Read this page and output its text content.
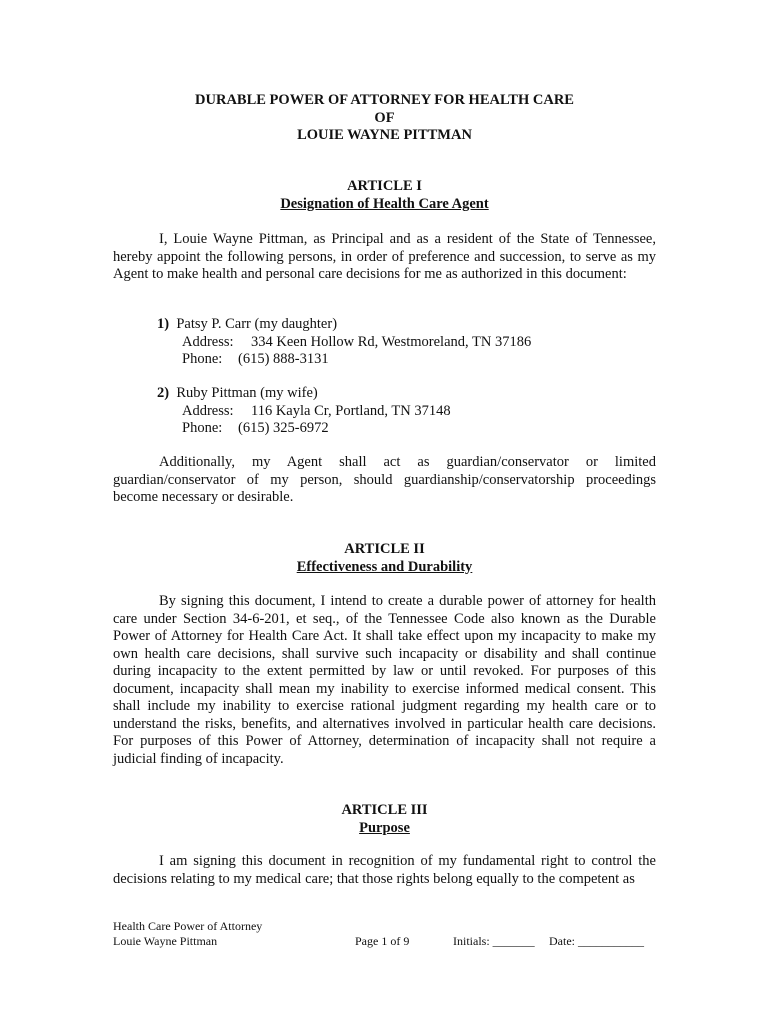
DURABLE POWER OF ATTORNEY FOR HEALTH CARE
OF
LOUIE WAYNE PITTMAN
ARTICLE I
Designation of Health Care Agent

I, Louie Wayne Pittman, as Principal and as a resident of the State of Tennessee, hereby appoint the following persons, in order of preference and succession, to serve as my Agent to make health and personal care decisions for me as authorized in this document:

1) Patsy P. Carr (my daughter)
Address: 334 Keen Hollow Rd, Westmoreland, TN 37186
Phone: (615) 888-3131
2) Ruby Pittman (my wife)
Address: 116 Kayla Cr, Portland, TN 37148
Phone: (615) 325-6972

Additionally, my Agent shall act as guardian/conservator or limited guardian/conservator of my person, should guardianship/conservatorship proceedings become necessary or desirable.

ARTICLE II
Effectiveness and Durability

By signing this document, I intend to create a durable power of attorney for health care under Section 34-6-201, et seq., of the Tennessee Code also known as the Durable Power of Attorney for Health Care Act. It shall take effect upon my incapacity to make my own health care decisions, shall survive such incapacity or disability and shall continue during incapacity to the extent permitted by law or until revoked. For purposes of this document, incapacity shall mean my inability to exercise informed medical consent. This shall include my inability to exercise rational judgment regarding my health care or to understand the risks, benefits, and alternatives involved in particular health care decisions. For purposes of this Power of Attorney, determination of incapacity shall not require a judicial finding of incapacity.

ARTICLE III
Purpose

I am signing this document in recognition of my fundamental right to control the decisions relating to my medical care; that those rights belong equally to the competent as

Health Care Power of Attorney
Louie Wayne Pittman	Page 1 of 9	Initials: _______ Date: ___________
